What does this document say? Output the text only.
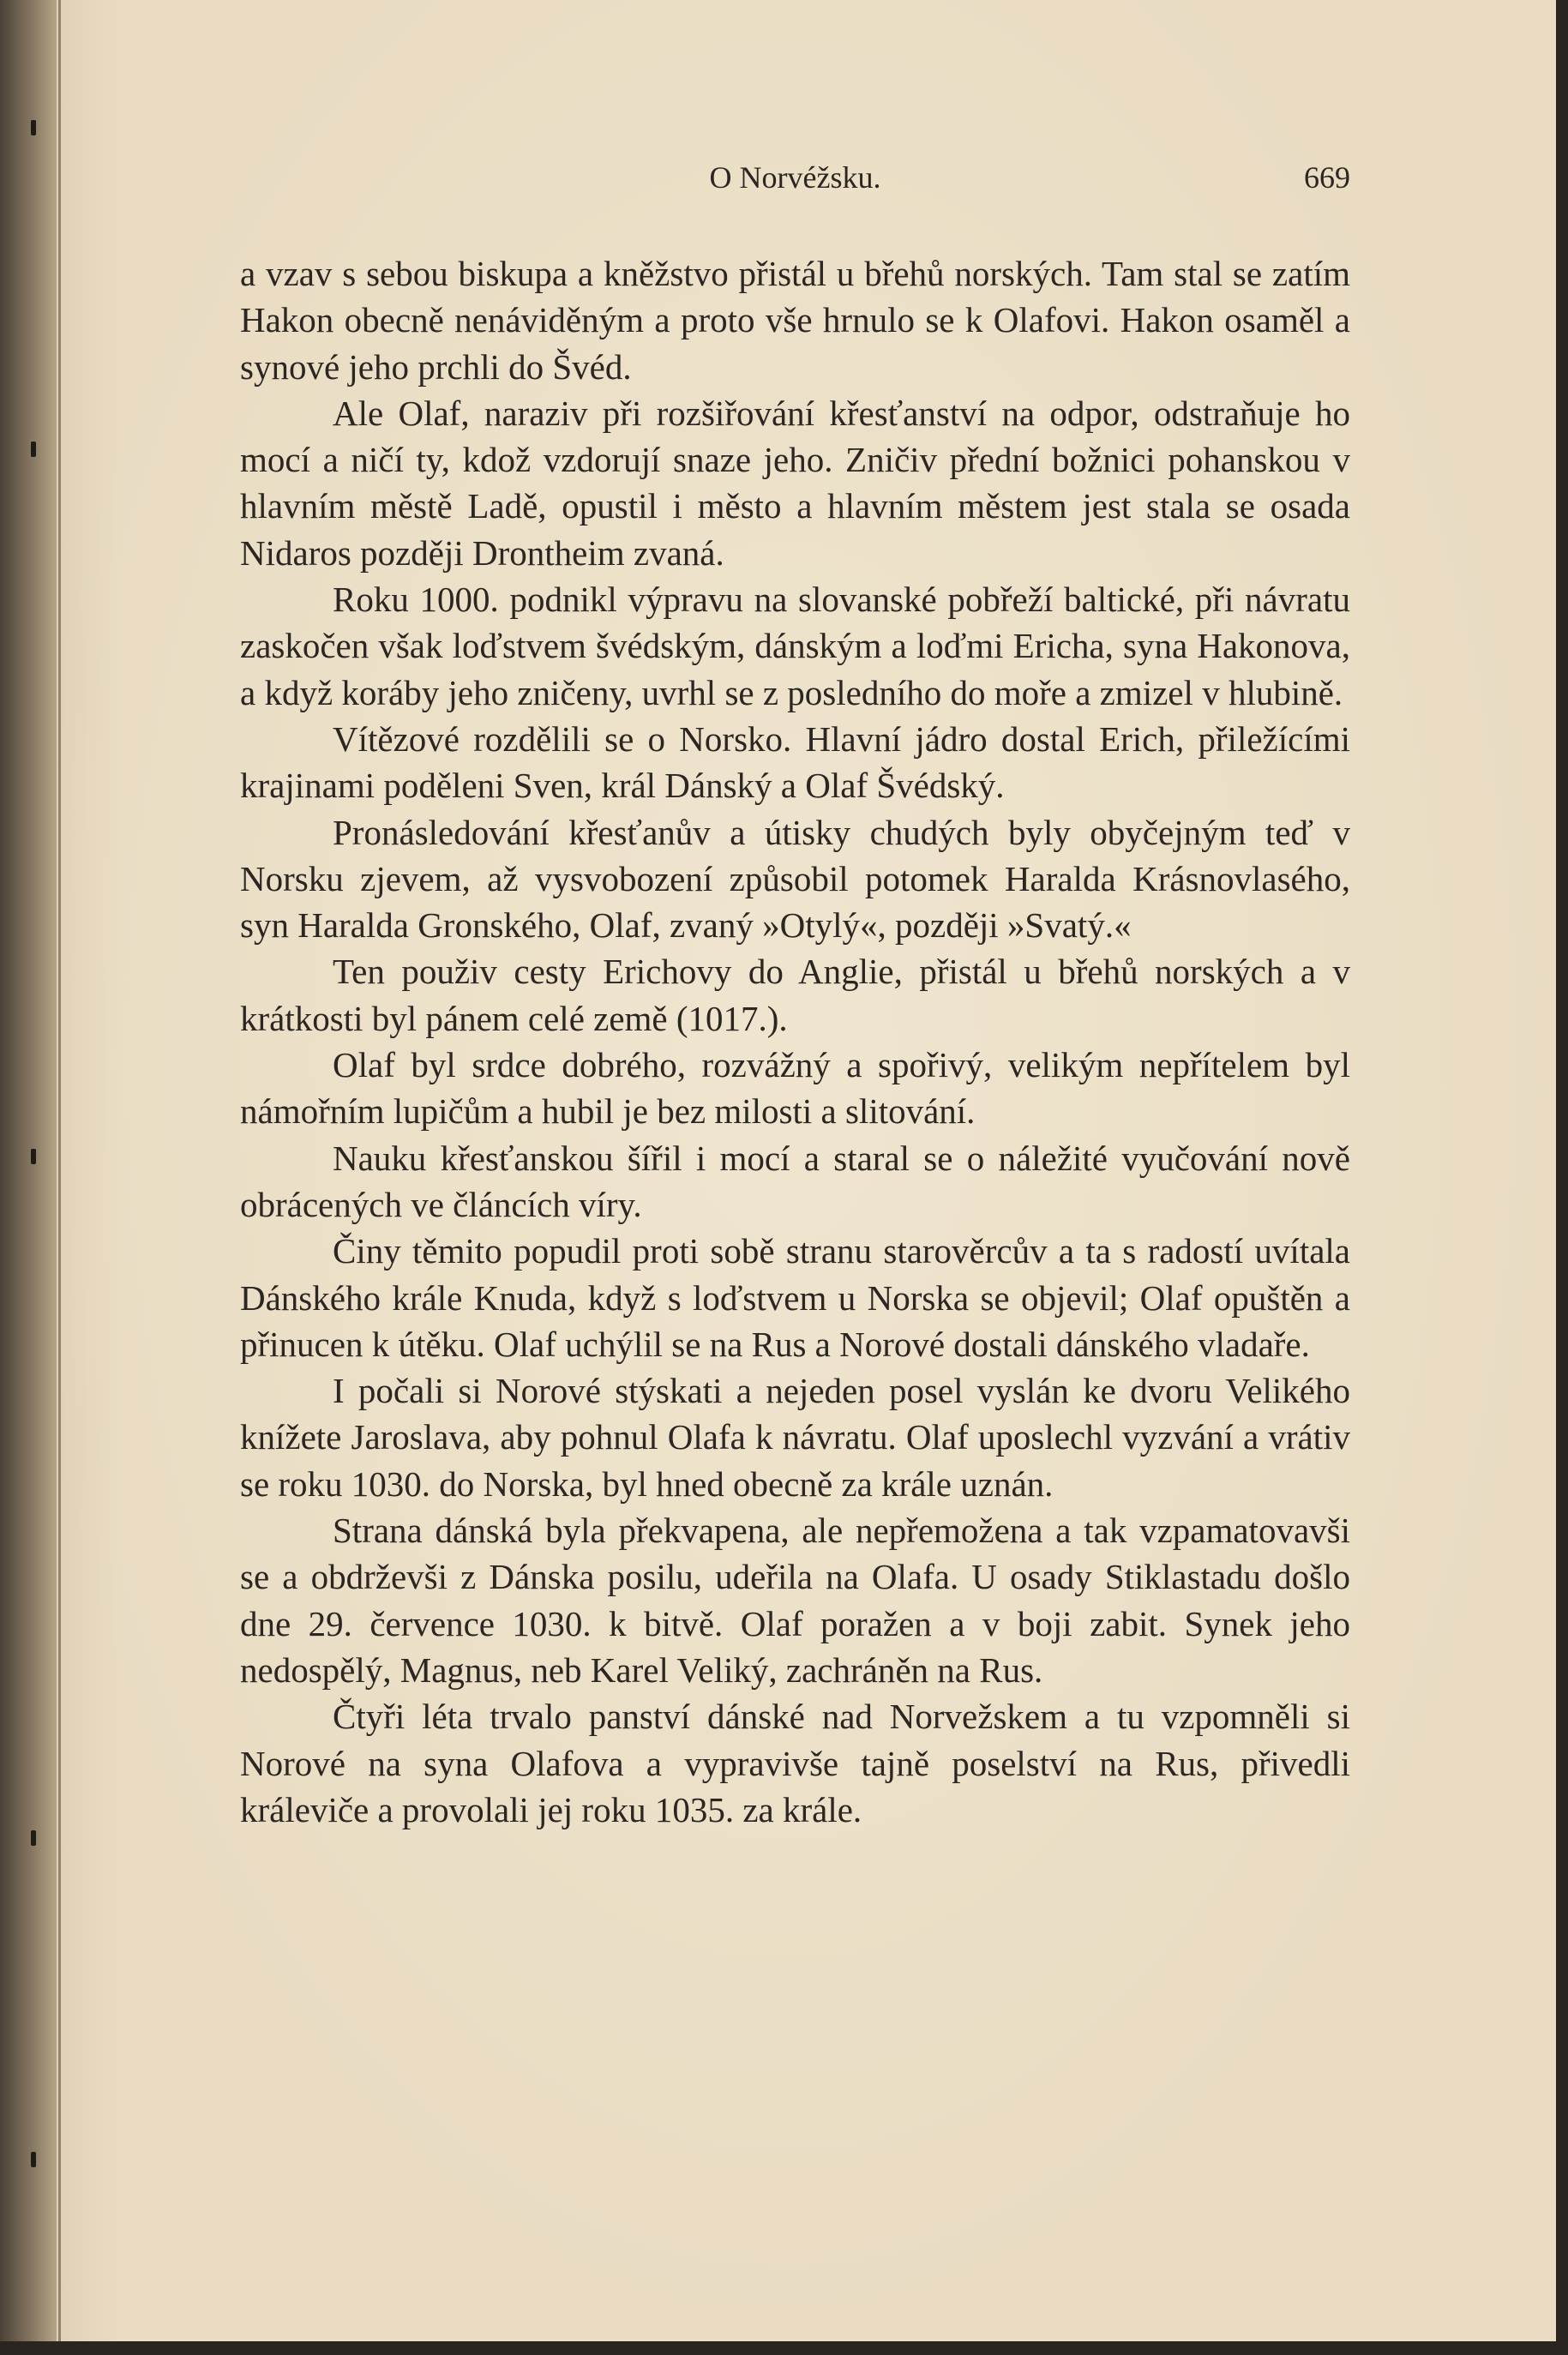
O Norvéžsku.	669

a vzav s sebou biskupa a kněžstvo přistál u břehů norských. Tam stal se zatím Hakon obecně nenáviděným a proto vše hrnulo se k Olafovi. Hakon osaměl a synové jeho prchli do Švéd.

Ale Olaf, naraziv při rozšiřování křesťanství na odpor, odstraňuje ho mocí a ničí ty, kdož vzdorují snaze jeho. Zničiv přední božnici pohanskou v hlavním městě Ladě, opustil i město a hlavním městem jest stala se osada Nidaros později Drontheim zvaná.

Roku 1000. podnikl výpravu na slovanské pobřeží baltické, při návratu zaskočen však loďstvem švédským, dánským a loďmi Ericha, syna Hakonova, a když koráby jeho zničeny, uvrhl se z posledního do moře a zmizel v hlubině.

Vítězové rozdělili se o Norsko. Hlavní jádro dostal Erich, přiležícími krajinami poděleni Sven, král Dánský a Olaf Švédský.

Pronásledování křesťanův a útisky chudých byly obyčejným teď v Norsku zjevem, až vysvobození způsobil potomek Haralda Krásnovlasého, syn Haralda Gronského, Olaf, zvaný »Otylý«, později »Svatý.«

Ten použiv cesty Erichovy do Anglie, přistál u břehů norských a v krátkosti byl pánem celé země (1017.).

Olaf byl srdce dobrého, rozvážný a spořivý, velikým nepřítelem byl námořním lupičům a hubil je bez milosti a slitování.

Nauku křesťanskou šířil i mocí a staral se o náležité vyučování nově obrácených ve článcích víry.

Činy těmito popudil proti sobě stranu starověrcův a ta s radostí uvítala Dánského krále Knuda, když s loďstvem u Norska se objevil; Olaf opuštěn a přinucen k útěku. Olaf uchýlil se na Rus a Norové dostali dánského vladaře.

I počali si Norové stýskati a nejeden posel vyslán ke dvoru Velikého knížete Jaroslava, aby pohnul Olafa k návratu. Olaf uposlechl vyzvání a vrátiv se roku 1030. do Norska, byl hned obecně za krále uznán.

Strana dánská byla překvapena, ale nepřemožena a tak vzpamatovavši se a obdrževši z Dánska posilu, udeřila na Olafa. U osady Stiklastadu došlo dne 29. července 1030. k bitvě. Olaf poražen a v boji zabit. Synek jeho nedospělý, Magnus, neb Karel Veliký, zachráněn na Rus.

Čtyři léta trvalo panství dánské nad Norvežskem a tu vzpomněli si Norové na syna Olafova a vypravivše tajně poselství na Rus, přivedli králeviče a provolali jej roku 1035. za krále.
